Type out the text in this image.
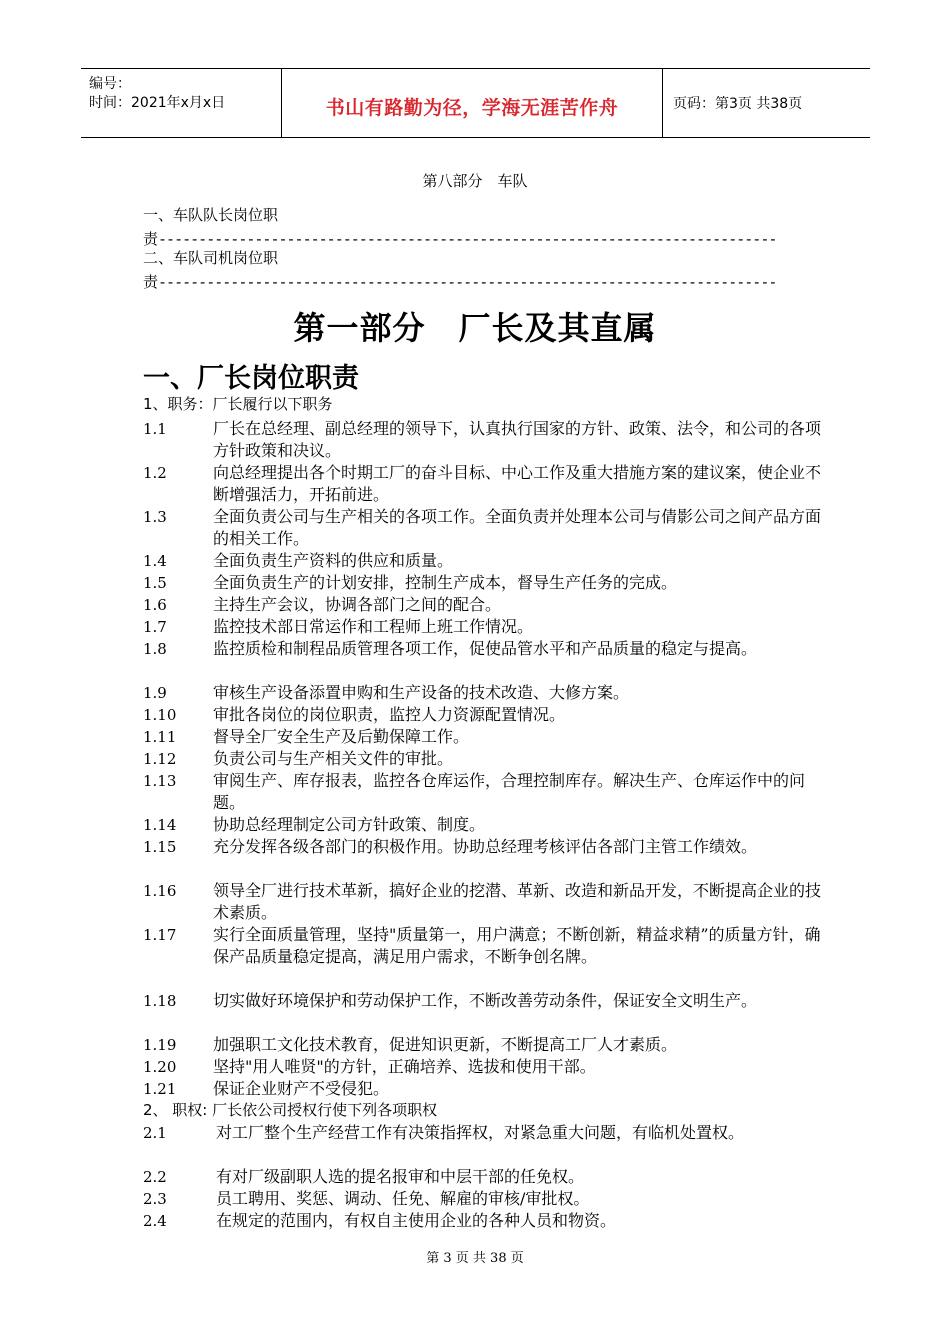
编号：
时间：2021年x月x日	书山有路勤为径，学海无涯苦作舟	页码：第3页 共38页
第八部分　车队
一、车队队长岗位职
责-----------------------------------------------------------------------------
二、车队司机岗位职
责-----------------------------------------------------------------------------
第一部分　厂长及其直属
一、厂长岗位职责
1、职务：厂长履行以下职务
1.1	厂长在总经理、副总经理的领导下，认真执行国家的方针、政策、法令，和公司的各项方针政策和决议。
1.2	向总经理提出各个时期工厂的奋斗目标、中心工作及重大措施方案的建议案，使企业不断增强活力，开拓前进。
1.3	全面负责公司与生产相关的各项工作。全面负责并处理本公司与倩影公司之间产品方面的相关工作。
1.4	全面负责生产资料的供应和质量。
1.5	全面负责生产的计划安排，控制生产成本，督导生产任务的完成。
1.6	主持生产会议，协调各部门之间的配合。
1.7	监控技术部日常运作和工程师上班工作情况。
1.8	监控质检和制程品质管理各项工作，促使品管水平和产品质量的稳定与提高。
1.9	审核生产设备添置申购和生产设备的技术改造、大修方案。
1.10 审批各岗位的岗位职责，监控人力资源配置情况。
1.11 督导全厂安全生产及后勤保障工作。
1.12 负责公司与生产相关文件的审批。
1.13 审阅生产、库存报表，监控各仓库运作，合理控制库存。解决生产、仓库运作中的问题。
1.14 协助总经理制定公司方针政策、制度。
1.15 充分发挥各级各部门的积极作用。协助总经理考核评估各部门主管工作绩效。
1.16 领导全厂进行技术革新，搞好企业的挖潜、革新、改造和新品开发，不断提高企业的技术素质。
1.17 实行全面质量管理，坚持"质量第一，用户满意；不断创新，精益求精”的质量方针，确保产品质量稳定提高，满足用户需求，不断争创名牌。
1.18 切实做好环境保护和劳动保护工作，不断改善劳动条件，保证安全文明生产。
1.19 加强职工文化技术教育，促进知识更新，不断提高工厂人才素质。
1.20 坚持"用人唯贤"的方针，正确培养、选拔和使用干部。
1.21 保证企业财产不受侵犯。
2、 职权: 厂长依公司授权行使下列各项职权
2.1	对工厂整个生产经营工作有决策指挥权，对紧急重大问题，有临机处置权。
2.2	有对厂级副职人选的提名报审和中层干部的任免权。
2.3	员工聘用、奖惩、调动、任免、解雇的审核/审批权。
2.4	在规定的范围内，有权自主使用企业的各种人员和物资。
第 3 页 共 38 页
